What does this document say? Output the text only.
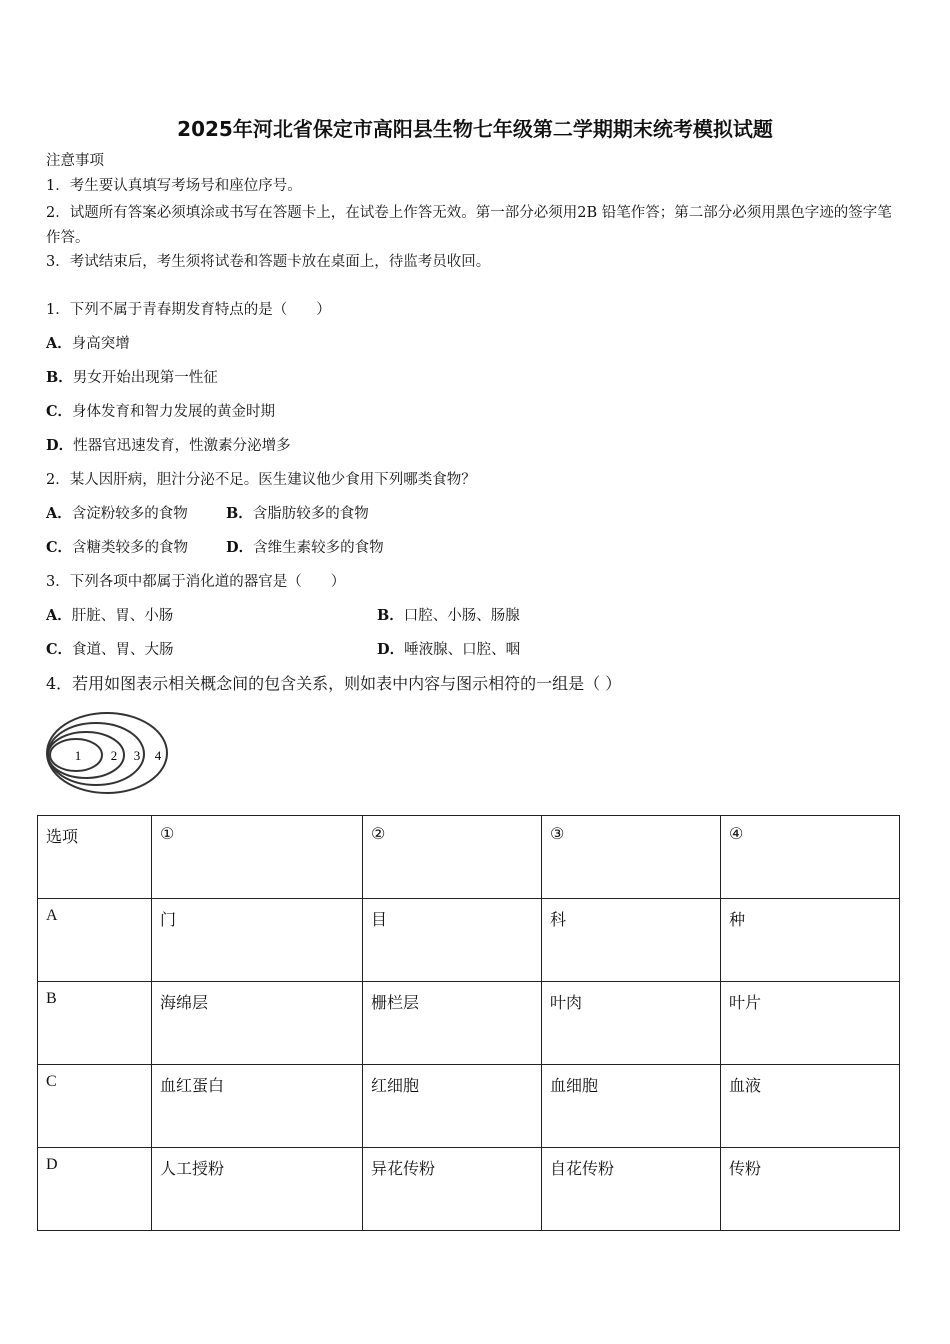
2025年河北省保定市高阳县生物七年级第二学期期末统考模拟试题
注意事项
1．考生要认真填写考场号和座位序号。
2．试题所有答案必须填涂或书写在答题卡上，在试卷上作答无效。第一部分必须用2B 铅笔作答；第二部分必须用黑色字迹的签字笔作答。
3．考试结束后，考生须将试卷和答题卡放在桌面上，待监考员收回。
1．下列不属于青春期发育特点的是（　　）
A．身高突增
B．男女开始出现第一性征
C．身体发育和智力发展的黄金时期
D．性器官迅速发育，性激素分泌增多
2．某人因肝病，胆汁分泌不足。医生建议他少食用下列哪类食物？
A．含淀粉较多的食物	B．含脂肪较多的食物
C．含糖类较多的食物	D．含维生素较多的食物
3．下列各项中都属于消化道的器官是（　　）
A．肝脏、胃、小肠	B．口腔、小肠、肠腺
C．食道、胃、大肠	D．唾液腺、口腔、咽
4．若用如图表示相关概念间的包含关系，则如表中内容与图示相符的一组是（ ）
1 2 3 4
选项	①	②	③	④
A	门	目	科	种
B	海绵层	栅栏层	叶肉	叶片
C	血红蛋白	红细胞	血细胞	血液
D	人工授粉	异花传粉	自花传粉	传粉
